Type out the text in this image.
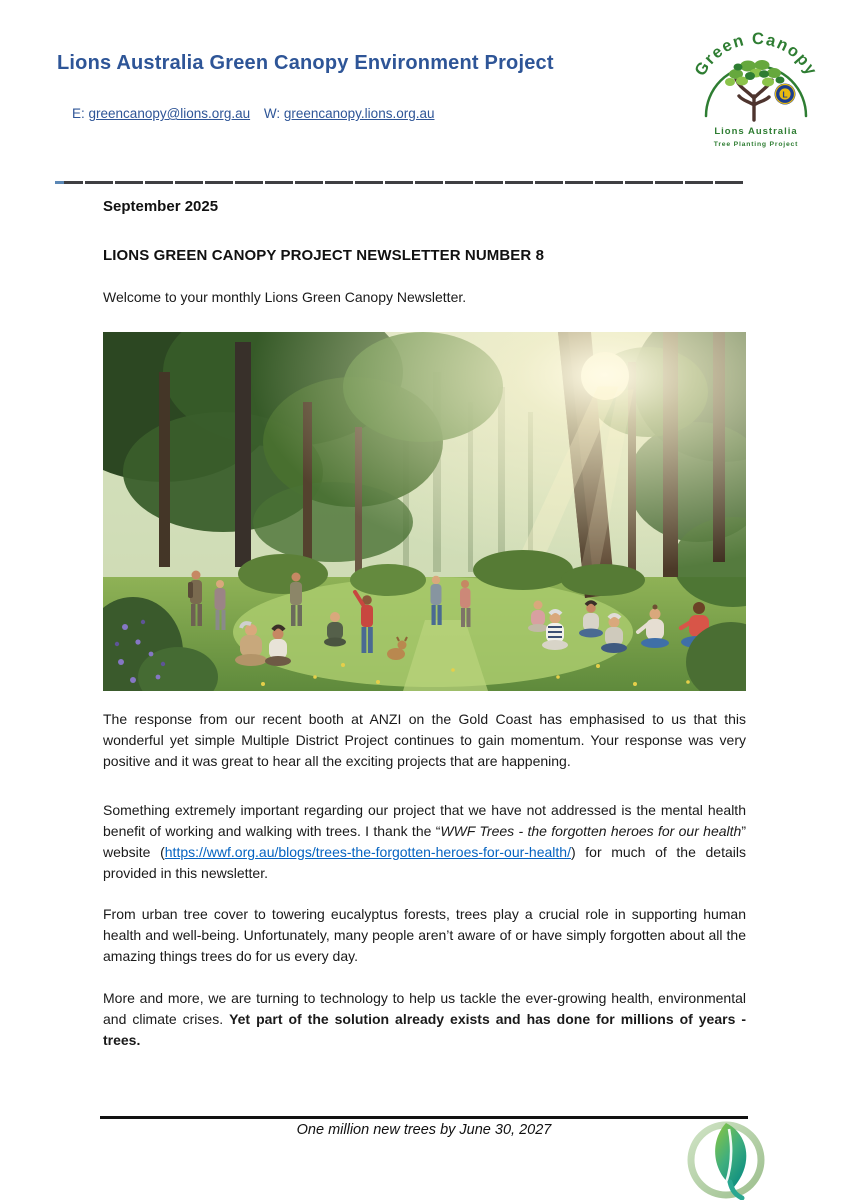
Lions Australia Green Canopy Environment Project
E: greencanopy@lions.org.au W: greencanopy.lions.org.au
Green Canopy
L
Lions Australia
Tree Planting Project
September 2025
LIONS GREEN CANOPY PROJECT NEWSLETTER NUMBER 8
Welcome to your monthly Lions Green Canopy Newsletter.

The response from our recent booth at ANZI on the Gold Coast has emphasised to us that this wonderful yet simple Multiple District Project continues to gain momentum. Your response was very positive and it was great to hear all the exciting projects that are happening.

Something extremely important regarding our project that we have not addressed is the mental health benefit of working and walking with trees. I thank the “WWF Trees - the forgotten heroes for our health” website (https://wwf.org.au/blogs/trees-the-forgotten-heroes-for-our-health/) for much of the details provided in this newsletter.

From urban tree cover to towering eucalyptus forests, trees play a crucial role in supporting human health and well-being. Unfortunately, many people aren’t aware of or have simply forgotten about all the amazing things trees do for us every day.

More and more, we are turning to technology to help us tackle the ever-growing health, environmental and climate crises. Yet part of the solution already exists and has done for millions of years - trees.

One million new trees by June 30, 2027
